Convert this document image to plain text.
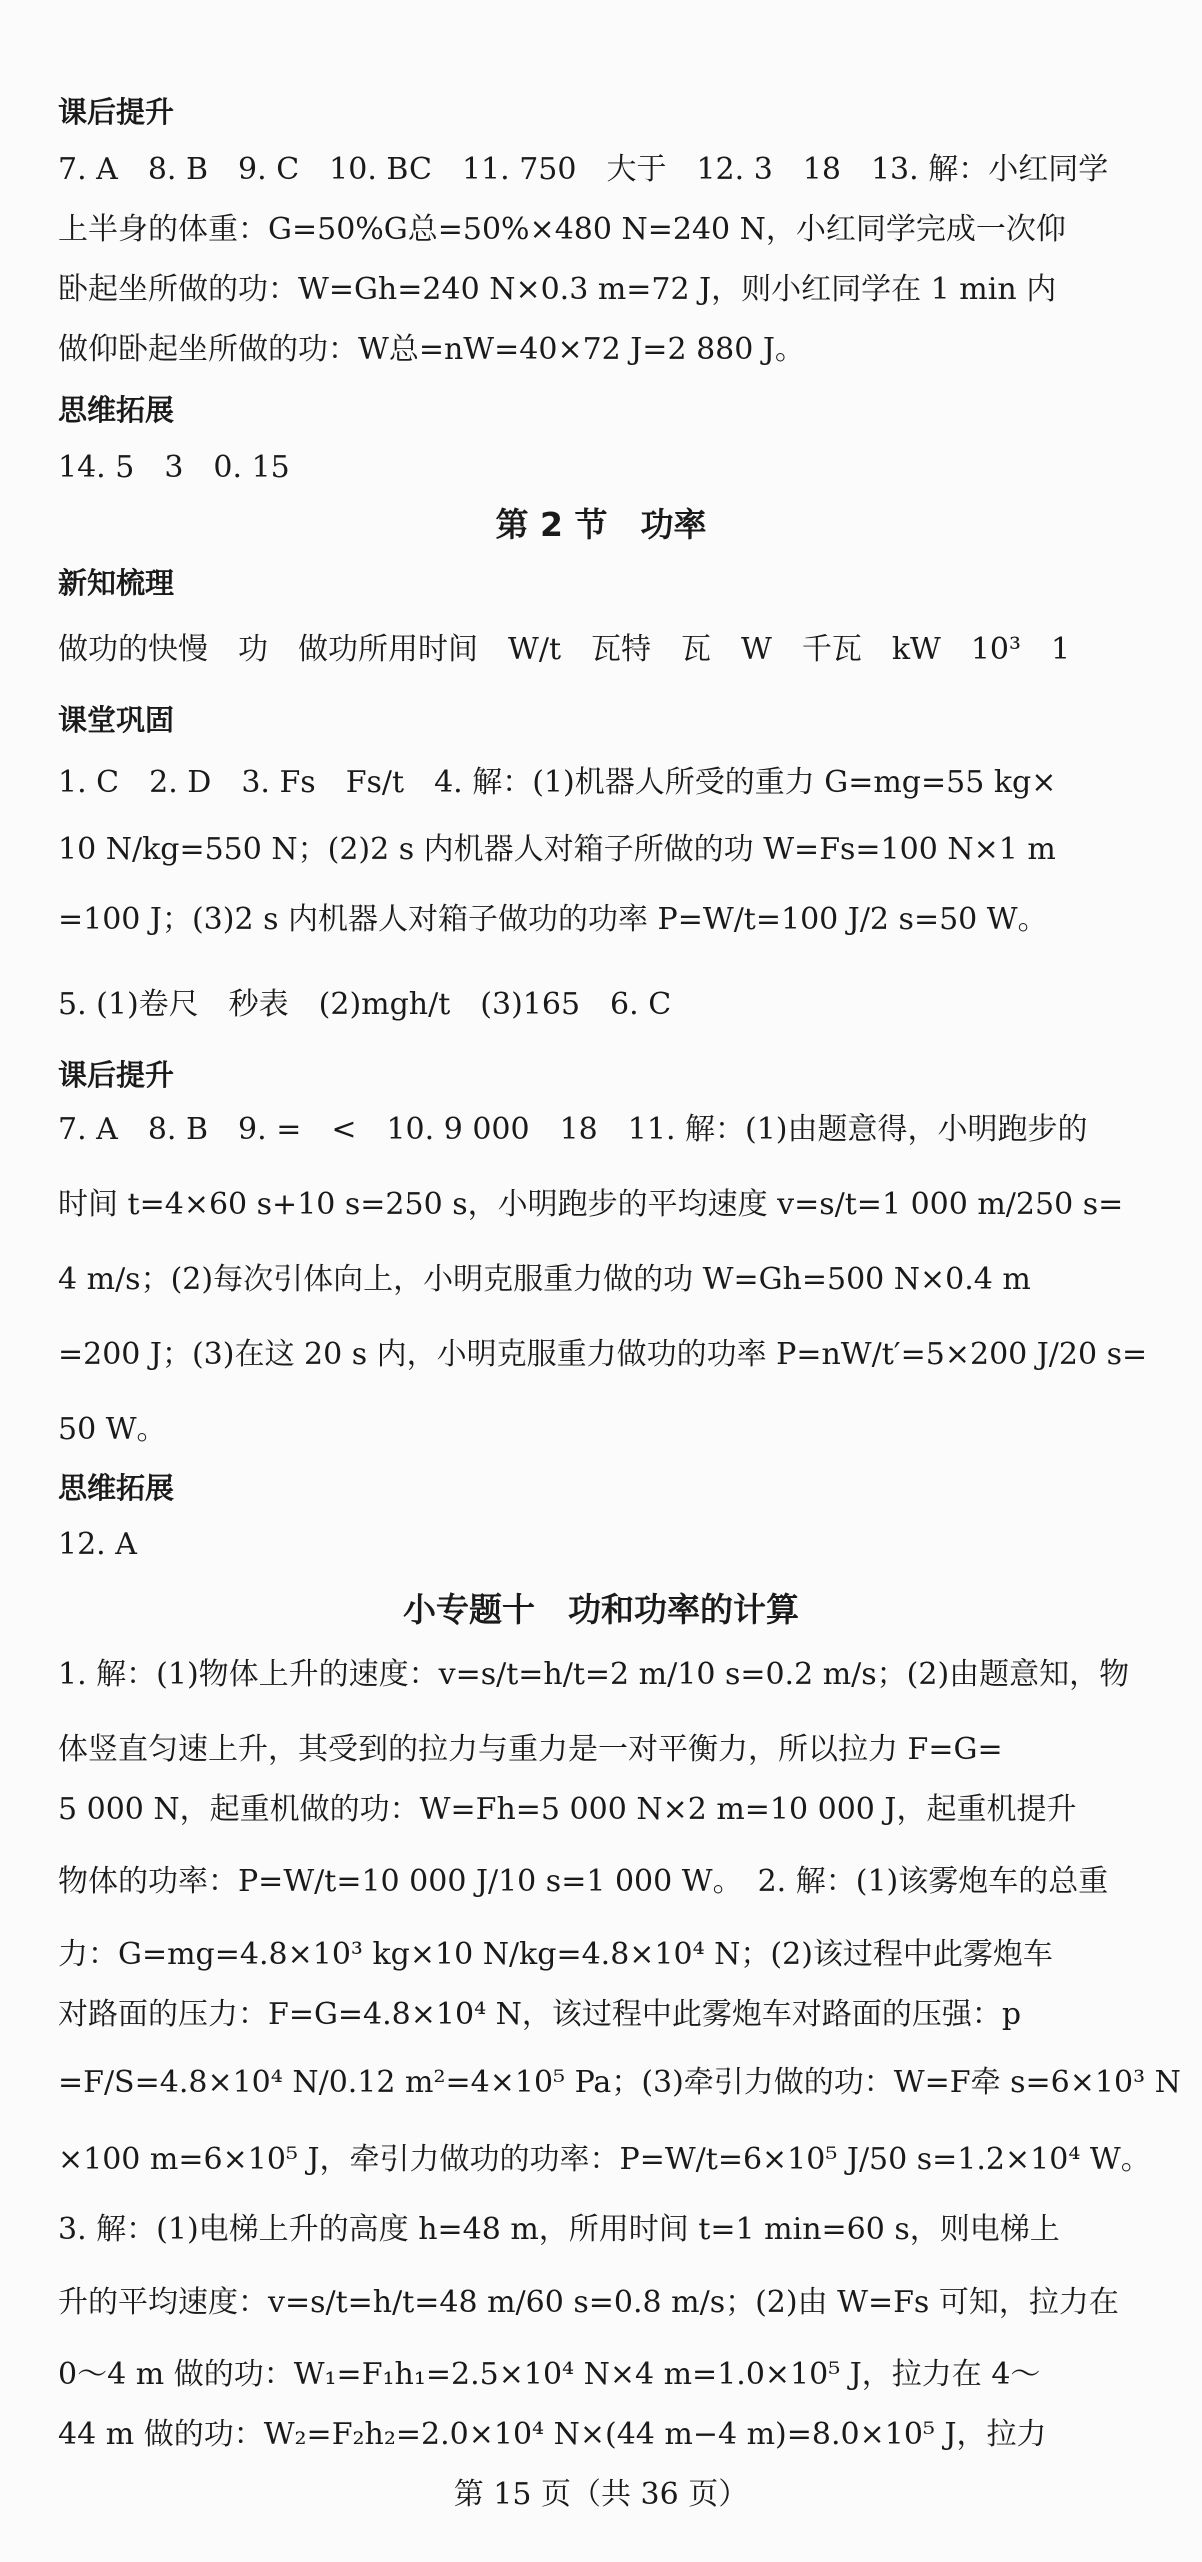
课后提升
7. A　8. B　9. C　10. BC　11. 750　大于　12. 3　18　13. 解：小红同学
上半身的体重：G=50%G总=50%×480 N=240 N，小红同学完成一次仰
卧起坐所做的功：W=Gh=240 N×0.3 m=72 J，则小红同学在 1 min 内
做仰卧起坐所做的功：W总=nW=40×72 J=2 880 J。
思维拓展
14. 5　3　0. 15
第 2 节　功率
新知梳理
做功的快慢　功　做功所用时间　W/t　瓦特　瓦　W　千瓦　kW　10³　1
课堂巩固
1. C　2. D　3. Fs　Fs/t　4. 解：(1)机器人所受的重力 G=mg=55 kg×
10 N/kg=550 N；(2)2 s 内机器人对箱子所做的功 W=Fs=100 N×1 m
=100 J；(3)2 s 内机器人对箱子做功的功率 P=W/t=100 J/2 s=50 W。
5. (1)卷尺　秒表　(2)mgh/t　(3)165　6. C
课后提升
7. A　8. B　9. =　<　10. 9 000　18　11. 解：(1)由题意得，小明跑步的
时间 t=4×60 s+10 s=250 s，小明跑步的平均速度 v=s/t=1 000 m/250 s=
4 m/s；(2)每次引体向上，小明克服重力做的功 W=Gh=500 N×0.4 m
=200 J；(3)在这 20 s 内，小明克服重力做功的功率 P=nW/t′=5×200 J/20 s=
50 W。
思维拓展
12. A
小专题十　功和功率的计算
1. 解：(1)物体上升的速度：v=s/t=h/t=2 m/10 s=0.2 m/s；(2)由题意知，物
体竖直匀速上升，其受到的拉力与重力是一对平衡力，所以拉力 F=G=
5 000 N，起重机做的功：W=Fh=5 000 N×2 m=10 000 J，起重机提升
物体的功率：P=W/t=10 000 J/10 s=1 000 W。　2. 解：(1)该雾炮车的总重
力：G=mg=4.8×10³ kg×10 N/kg=4.8×10⁴ N；(2)该过程中此雾炮车
对路面的压力：F=G=4.8×10⁴ N，该过程中此雾炮车对路面的压强：p
=F/S=4.8×10⁴ N/0.12 m²=4×10⁵ Pa；(3)牵引力做的功：W=F牵 s=6×10³ N
×100 m=6×10⁵ J，牵引力做功的功率：P=W/t=6×10⁵ J/50 s=1.2×10⁴ W。
3. 解：(1)电梯上升的高度 h=48 m，所用时间 t=1 min=60 s，则电梯上
升的平均速度：v=s/t=h/t=48 m/60 s=0.8 m/s；(2)由 W=Fs 可知，拉力在
0～4 m 做的功：W₁=F₁h₁=2.5×10⁴ N×4 m=1.0×10⁵ J，拉力在 4～
44 m 做的功：W₂=F₂h₂=2.0×10⁴ N×(44 m−4 m)=8.0×10⁵ J，拉力
第 15 页（共 36 页）
